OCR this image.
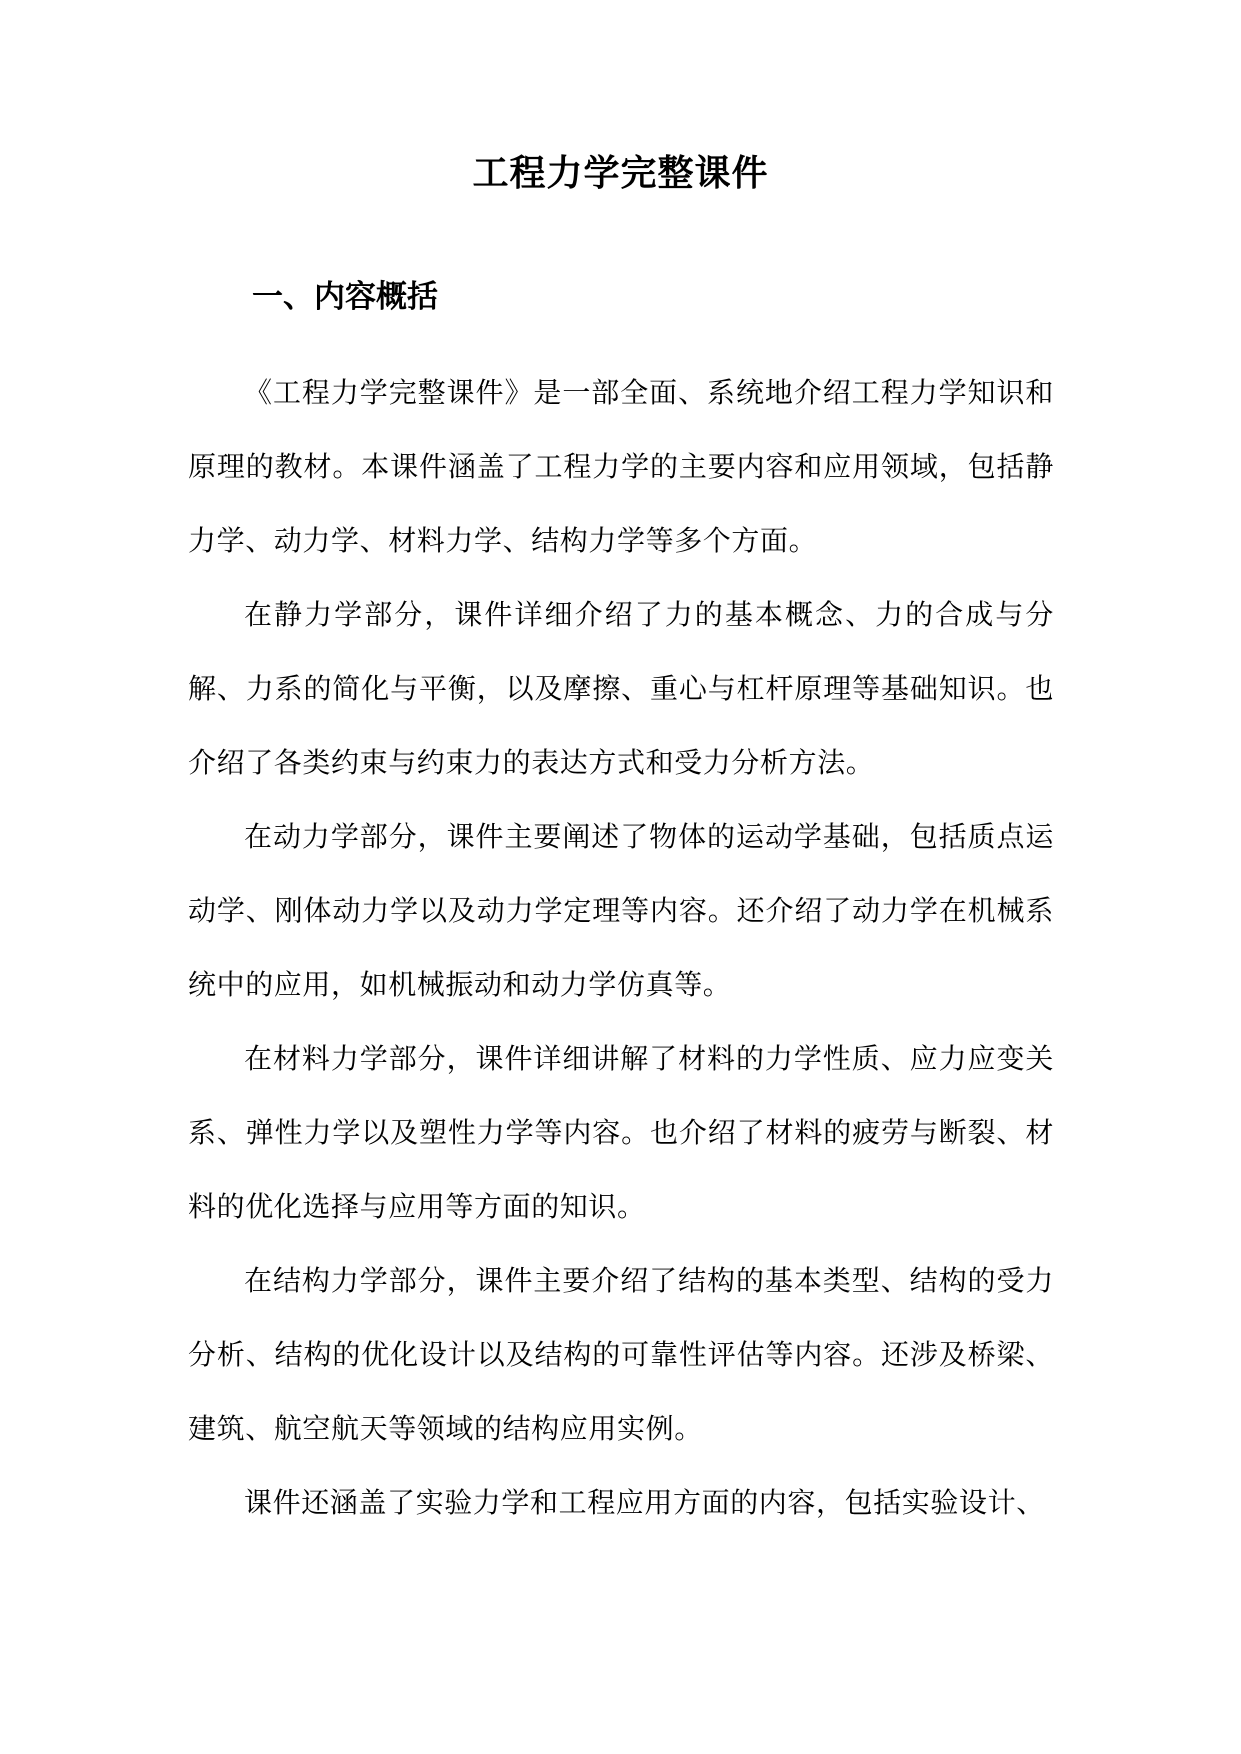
工程力学完整课件
一、内容概括

《工程力学完整课件》是一部全面、系统地介绍工程力学知识和原理的教材。本课件涵盖了工程力学的主要内容和应用领域，包括静力学、动力学、材料力学、结构力学等多个方面。

在静力学部分，课件详细介绍了力的基本概念、力的合成与分解、力系的简化与平衡，以及摩擦、重心与杠杆原理等基础知识。也介绍了各类约束与约束力的表达方式和受力分析方法。

在动力学部分，课件主要阐述了物体的运动学基础，包括质点运动学、刚体动力学以及动力学定理等内容。还介绍了动力学在机械系统中的应用，如机械振动和动力学仿真等。

在材料力学部分，课件详细讲解了材料的力学性质、应力应变关系、弹性力学以及塑性力学等内容。也介绍了材料的疲劳与断裂、材料的优化选择与应用等方面的知识。

在结构力学部分，课件主要介绍了结构的基本类型、结构的受力分析、结构的优化设计以及结构的可靠性评估等内容。还涉及桥梁、建筑、航空航天等领域的结构应用实例。

课件还涵盖了实验力学和工程应用方面的内容，包括实验设计、
